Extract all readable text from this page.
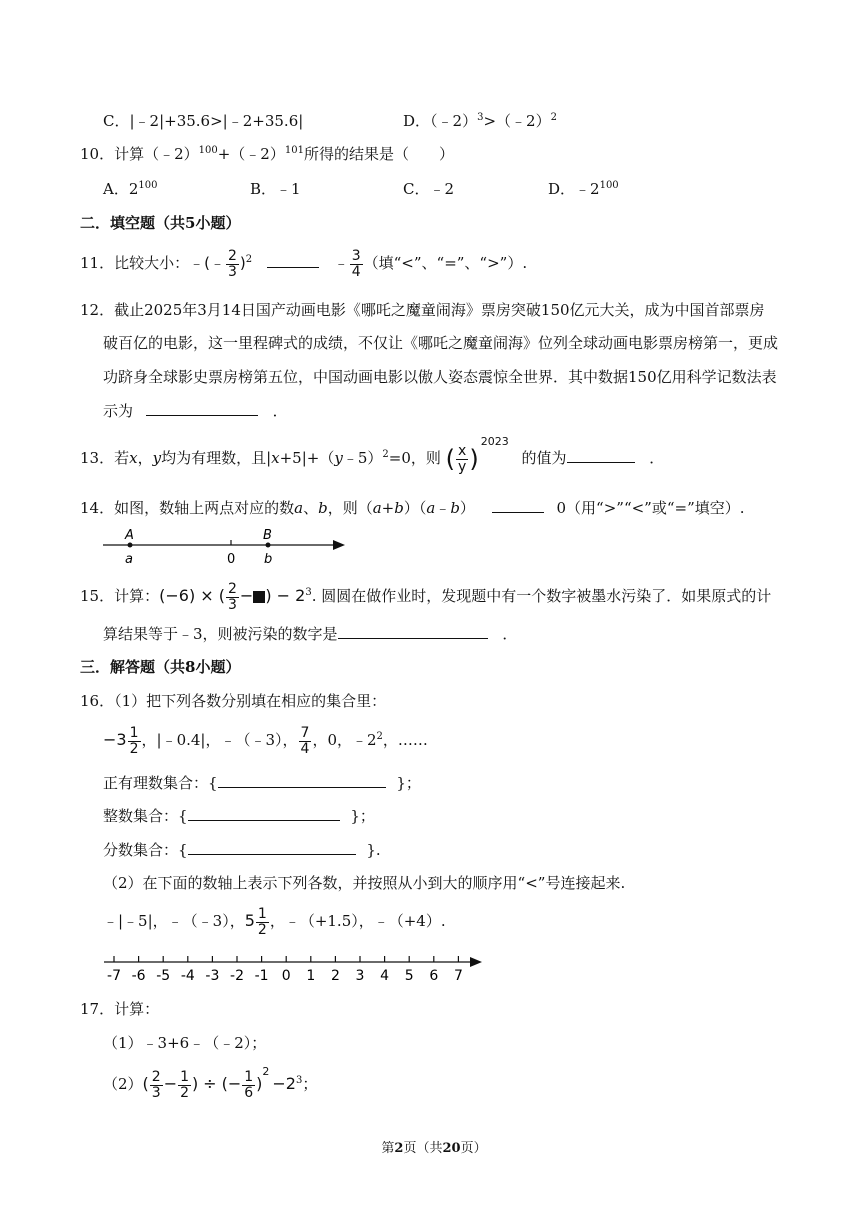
C．|﹣2|+35.6>|﹣2+35.6|	D．（﹣2）$^3$>（﹣2）$^2$
10．计算（﹣2）$^{100}$+（﹣2）$^{101}$所得的结果是（　　）
A．$2^{100}$	B．﹣1	C．﹣2	D．$﹣2^{100}$
二．填空题（共5小题）
11．比较大小：﹣(﹣ $\frac{2}{3} )^2$	﹣ $\frac{3}{4}$ （填“<”、“=”、“>”）.
12．截止2025年3月14日国产动画电影《哪吒之魔童闹海》票房突破150亿元大关，成为中国首部票房
破百亿的电影，这一里程碑式的成绩，不仅让《哪吒之魔童闹海》位列全球动画电影票房榜第一，更成
功跻身全球影史票房榜第五位，中国动画电影以傲人姿态震惊全世界．其中数据150亿用科学记数法表
示为	．
13．若x，y均为有理数，且|x+5|+（y﹣5）$^2$=0，则 ( $\frac{x}{y} )^{2023}$ 的值为	．
14．如图，数轴上两点对应的数a、b，则（a+b）（a﹣b）	0（用“>”“<”或“=”填空）.
A	B
a	0 b
15．计算：(−6) × ( $\frac{2}{3}$ − ) − $2^3$. 圆圆在做作业时，发现题中有一个数字被墨水污染了．如果原式的计
算结果等于﹣3，则被污染的数字是	．
三．解答题（共8小题）
16．（1）把下列各数分别填在相应的集合里：
$-3 \frac{1}{2}$ ，|﹣0.4|，﹣（﹣3）， $\frac{7}{4}$ ，0，$﹣2^2$，……
正有理数集合：{	}；
整数集合：{	}；
分数集合：{	}.
（2）在下面的数轴上表示下列各数，并按照从小到大的顺序用“<”号连接起来.
﹣|﹣5|，﹣（﹣3），$5 \frac{1}{2}$ ，﹣（+1.5），﹣（+4）.
-7 -6 -5 -4 -3 -2 -1 0 1 2 3 4 5 6 7
17．计算：
（1）﹣3+6﹣（﹣2）；
$(2)( \frac{2}{3} - \frac{1}{2}$ ) ÷ (− $\frac{1}{6} )^2-2^3$；
第2页（共20页）
